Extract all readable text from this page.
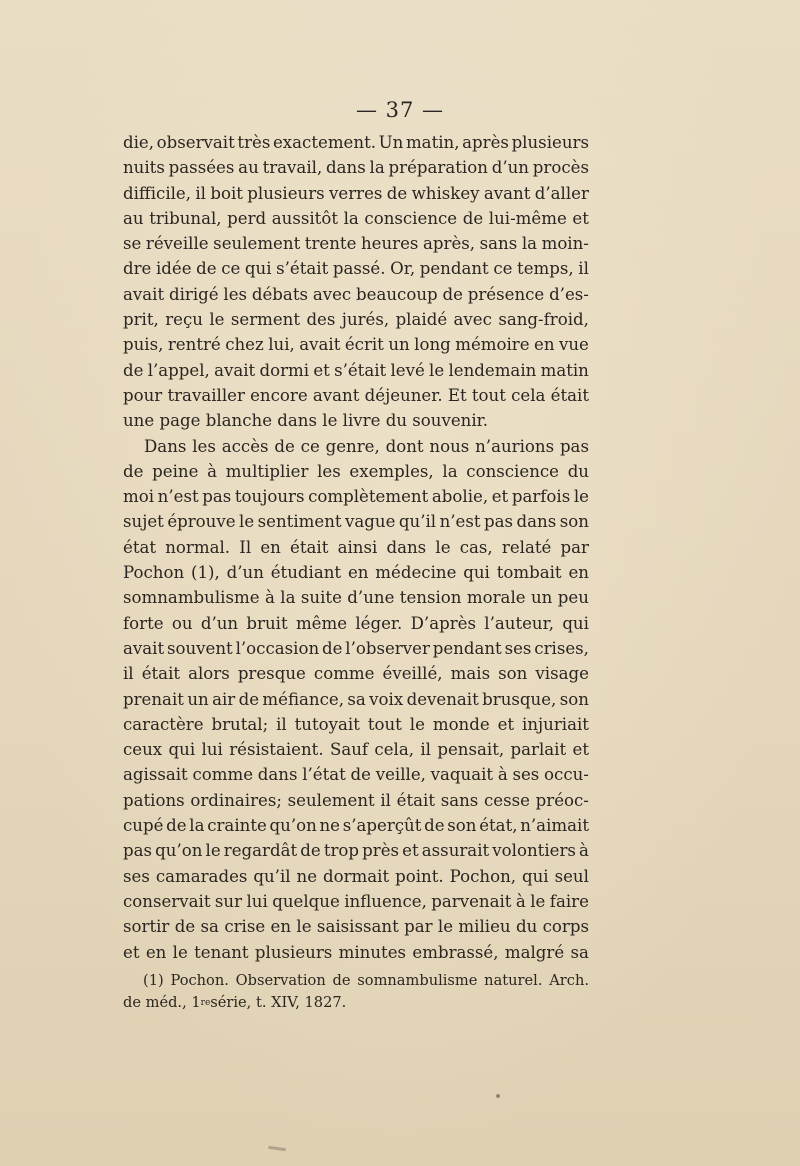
— 37 —
die, observait très exactement. Un matin, après plusieurs
nuits passées au travail, dans la préparation d’un procès
difficile, il boit plusieurs verres de whiskey avant d’aller
au tribunal, perd aussitôt la conscience de lui-même et
se réveille seulement trente heures après, sans la moin-
dre idée de ce qui s’était passé. Or, pendant ce temps, il
avait dirigé les débats avec beaucoup de présence d’es-
prit, reçu le serment des jurés, plaidé avec sang-froid,
puis, rentré chez lui, avait écrit un long mémoire en vue
de l’appel, avait dormi et s’était levé le lendemain matin
pour travailler encore avant déjeuner. Et tout cela était
une page blanche dans le livre du souvenir.
Dans les accès de ce genre, dont nous n’aurions pas
de peine à multiplier les exemples, la conscience du
moi n’est pas toujours complètement abolie, et parfois le
sujet éprouve le sentiment vague qu’il n’est pas dans son
état normal. Il en était ainsi dans le cas, relaté par
Pochon (1), d’un étudiant en médecine qui tombait en
somnambulisme à la suite d’une tension morale un peu
forte ou d’un bruit même léger. D’après l’auteur, qui
avait souvent l’occasion de l’observer pendant ses crises,
il était alors presque comme éveillé, mais son visage
prenait un air de méfiance, sa voix devenait brusque, son
caractère brutal; il tutoyait tout le monde et injuriait
ceux qui lui résistaient. Sauf cela, il pensait, parlait et
agissait comme dans l’état de veille, vaquait à ses occu-
pations ordinaires; seulement il était sans cesse préoc-
cupé de la crainte qu’on ne s’aperçût de son état, n’aimait
pas qu’on le regardât de trop près et assurait volontiers à
ses camarades qu’il ne dormait point. Pochon, qui seul
conservait sur lui quelque influence, parvenait à le faire
sortir de sa crise en le saisissant par le milieu du corps
et en le tenant plusieurs minutes embrassé, malgré sa
(1) Pochon. Observation de somnambulisme naturel. Arch.
de méd., 1 re série, t. XIV, 1827.
